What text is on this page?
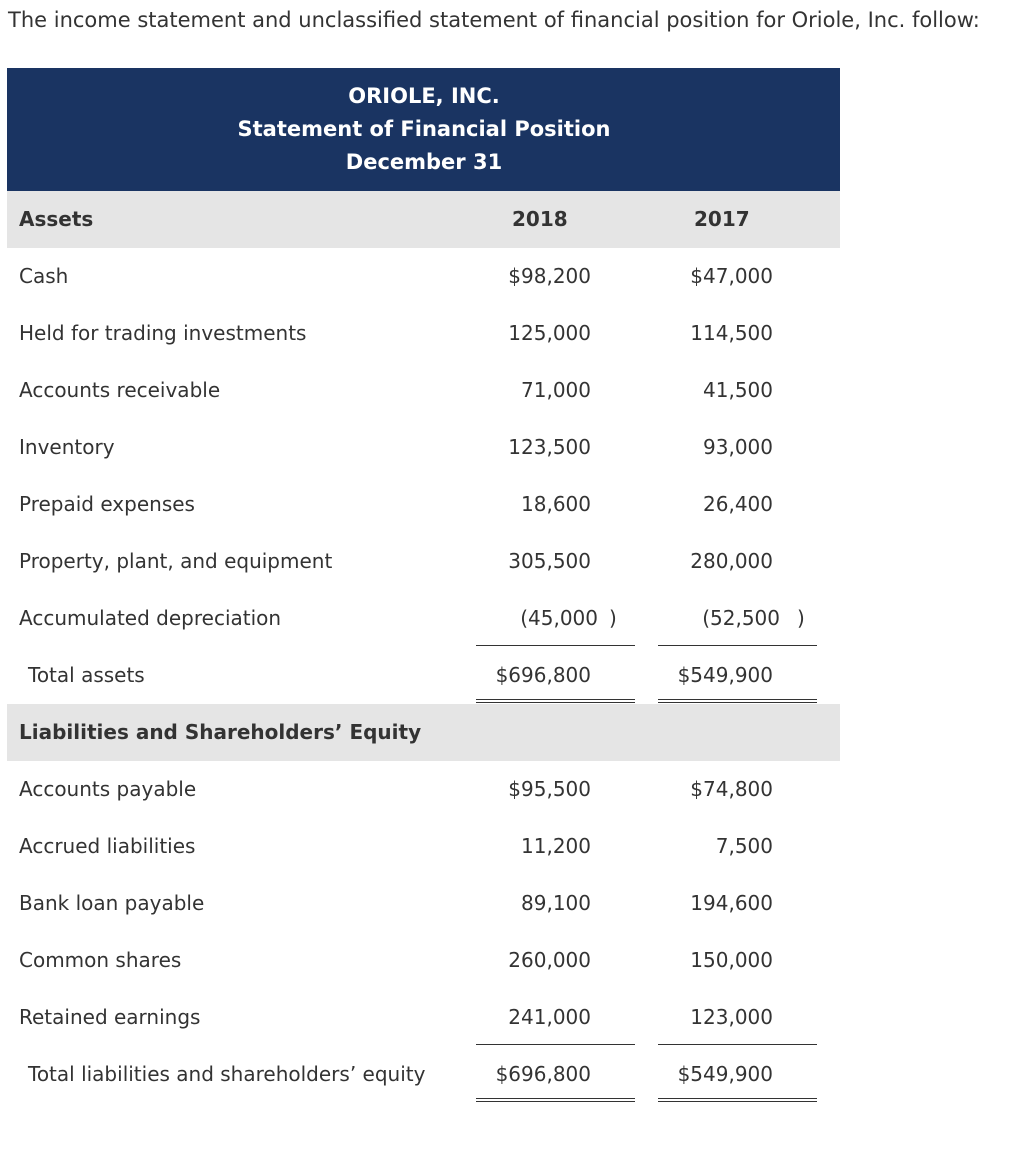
The income statement and unclassified statement of financial position for Oriole, Inc. follow:
ORIOLE, INC.
Statement of Financial Position
December 31
Assets	2018	2017
Cash	$98,200	$47,000
Held for trading investments	125,000	114,500
Accounts receivable	71,000	41,500
Inventory	123,500	93,000
Prepaid expenses	18,600	26,400
Property, plant, and equipment	305,500	280,000
Accumulated depreciation	(45,000 )	(52,500 )
Total assets	$696,800	$549,900
Liabilities and Shareholders’ Equity
Accounts payable	$95,500	$74,800
Accrued liabilities	11,200	7,500
Bank loan payable	89,100	194,600
Common shares	260,000	150,000
Retained earnings	241,000	123,000
Total liabilities and shareholders’ equity	$696,800	$549,900
